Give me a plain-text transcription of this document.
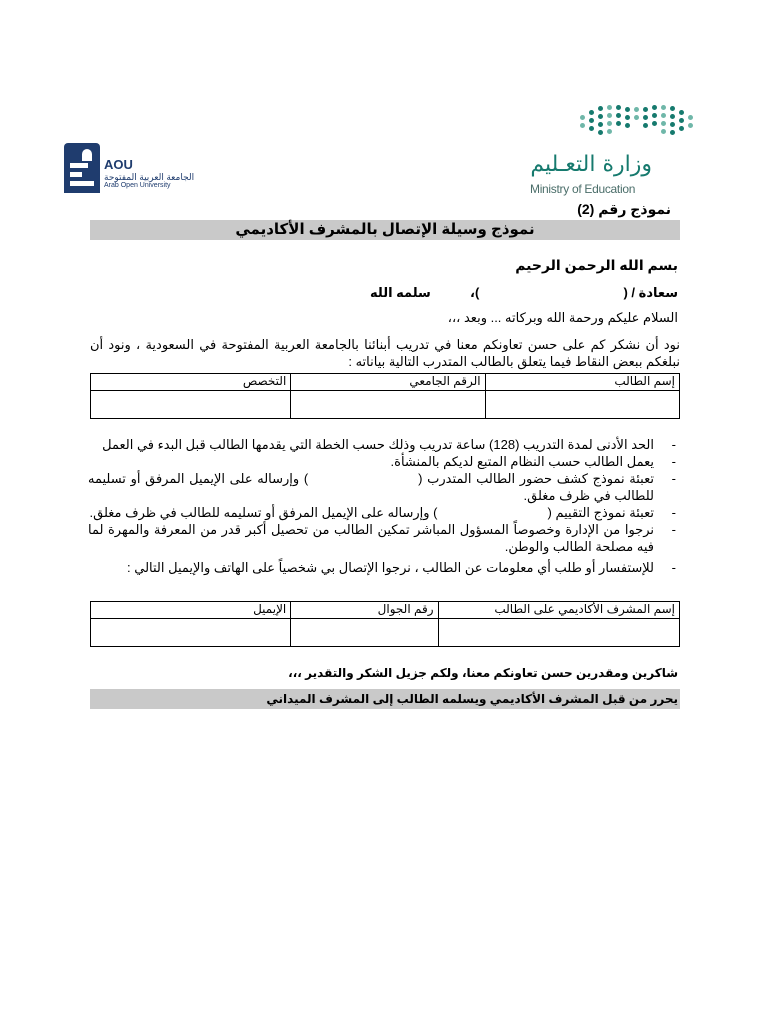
AOU
الجامعة العربية المفتوحة
Arab Open University
وزارة التعـليم
Ministry of Education
نموذج رقم (2)
نموذج وسيلة الإتصال بالمشرف الأكاديمي
بسم الله الرحمن الرحيم
سعادة / (
)،
سلمه الله
السلام عليكم ورحمة الله وبركاته ... وبعد ،،،
نود أن نشكر كم على حسن تعاونكم معنا في تدريب أبنائنا بالجامعة العربية المفتوحة في السعودية ، ونود أن نبلغكم ببعض النقاط فيما يتعلق بالطالب المتدرب التالية بياناته :
إسم الطالب	الرقم الجامعي	التخصص

- الحد الأدنى لمدة التدريب (128) ساعة تدريب وذلك حسب الخطة التي يقدمها الطالب قبل البدء في العمل
- يعمل الطالب حسب النظام المتبع لديكم بالمنشأة.
- تعبئة نموذج كشف حضور الطالب المتدرب () وإرساله على الإيميل المرفق أو تسليمه للطالب في ظرف مغلق.
- تعبئة نموذج التقييم () وإرساله على الإيميل المرفق أو تسليمه للطالب في ظرف مغلق.
- نرجوا من الإدارة وخصوصاً المسؤول المباشر تمكين الطالب من تحصيل أكبر قدر من المعرفة والمهرة لما فيه مصلحة الطالب والوطن.
- للإستفسار أو طلب أي معلومات عن الطالب ، نرجوا الإتصال بي شخصياً على الهاتف والإيميل التالي :
إسم المشرف الأكاديمي على الطالب	رقم الجوال	الإيميل

شاكرين ومقدرين حسن تعاونكم معنا، ولكم جزيل الشكر والتقدير ،،،
يحرر من قبل المشرف الأكاديمي ويسلمه الطالب إلى المشرف الميداني
